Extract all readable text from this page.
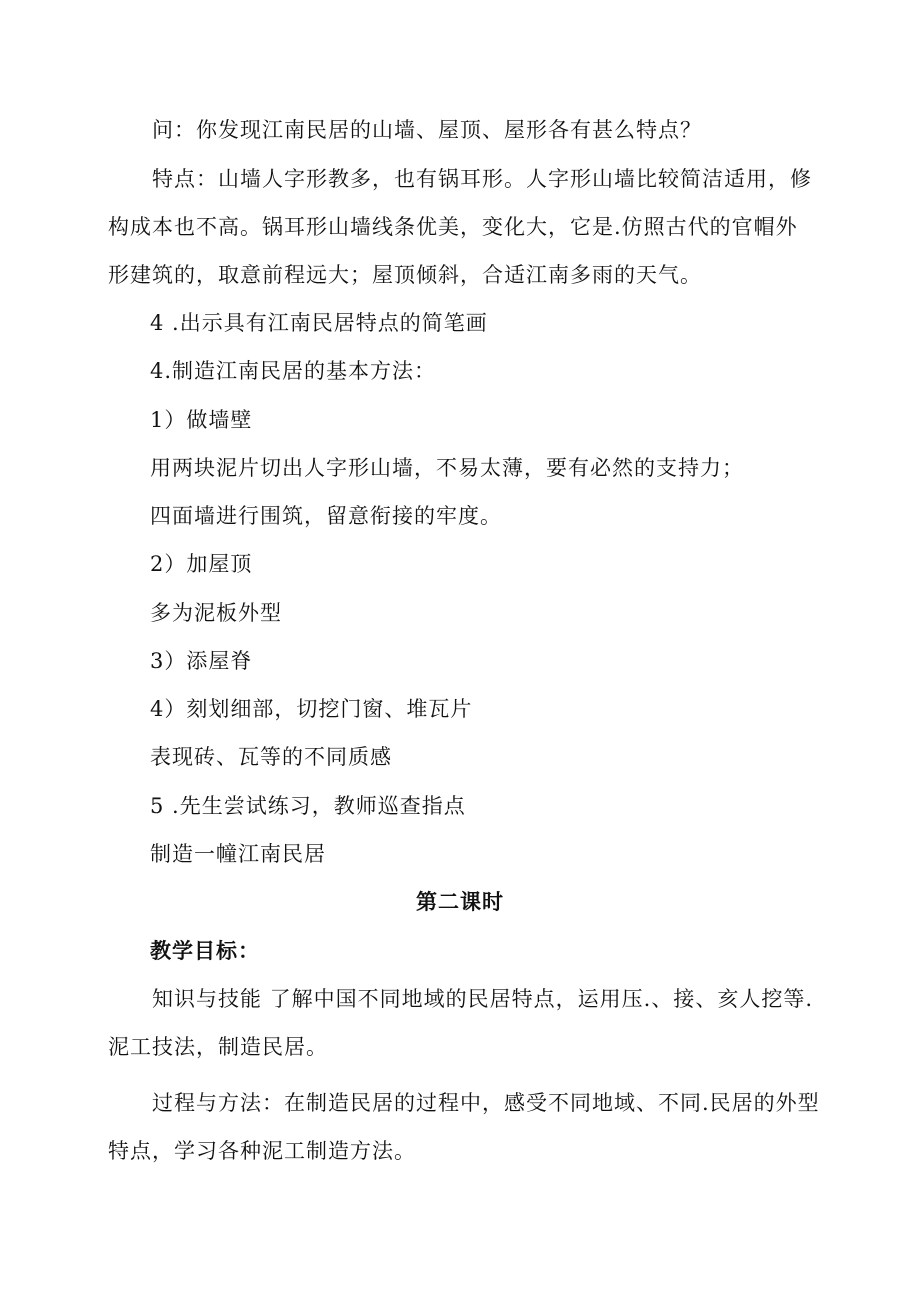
问：你发现江南民居的山墙、屋顶、屋形各有甚么特点？
特点：山墙人字形教多，也有锅耳形。人字形山墙比较简洁适用，修
构成本也不高。锅耳形山墙线条优美，变化大，它是.仿照古代的官帽外
形建筑的，取意前程远大；屋顶倾斜，合适江南多雨的天气。
4 .出示具有江南民居特点的简笔画
4.制造江南民居的基本方法：
1）做墙壁
用两块泥片切出人字形山墙，不易太薄，要有必然的支持力；
四面墙进行围筑，留意衔接的牢度。
2）加屋顶
多为泥板外型
3）添屋脊
4）刻划细部，切挖门窗、堆瓦片
表现砖、瓦等的不同质感
5 .先生尝试练习，教师巡查指点
制造一幢江南民居
第二课时
教学目标：
知识与技能 了解中国不同地域的民居特点，运用压.、接、亥人挖等.
泥工技法，制造民居。
过程与方法：在制造民居的过程中，感受不同地域、不同.民居的外型
特点，学习各种泥工制造方法。
